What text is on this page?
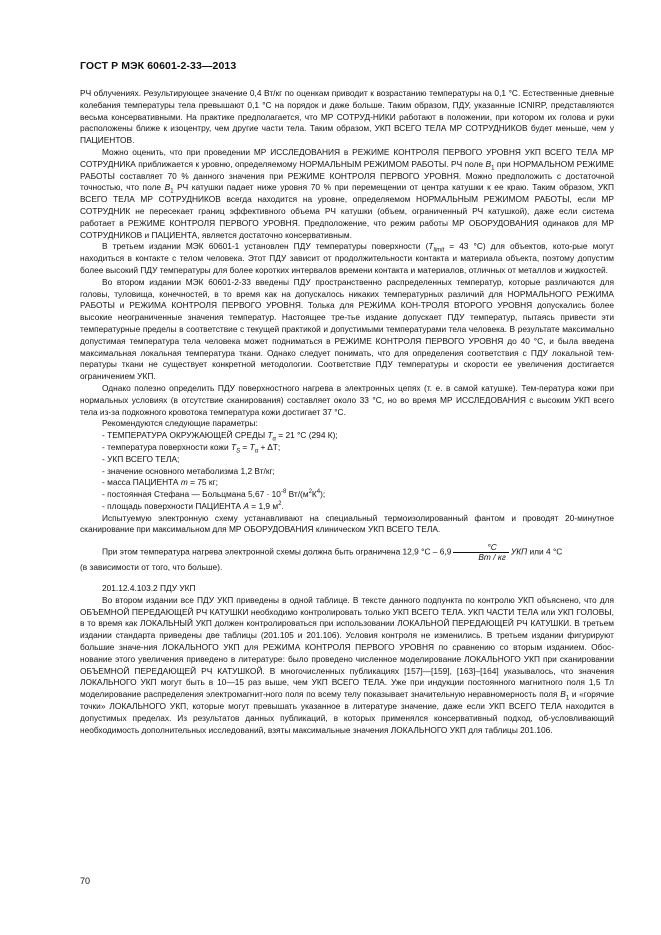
ГОСТ Р МЭК 60601-2-33—2013

РЧ облучениях. Результирующее значение 0,4 Вт/кг по оценкам приводит к возрастанию температуры на 0,1 °С. Естественные дневные колебания температуры тела превышают 0,1 °С на порядок и даже больше. Таким образом, ПДУ, указанные ICNIRP, представляются весьма консервативными. На практике предполагается, что МР СОТРУД-НИКИ работают в положении, при котором их голова и руки расположены ближе к изоцентру, чем другие части тела. Таким образом, УКП ВСЕГО ТЕЛА МР СОТРУДНИКОВ будет меньше, чем у ПАЦИЕНТОВ.

Можно оценить, что при проведении МР ИССЛЕДОВАНИЯ в РЕЖИМЕ КОНТРОЛЯ ПЕРВОГО УРОВНЯ УКП ВСЕГО ТЕЛА МР СОТРУДНИКА приближается к уровню, определяемому НОРМАЛЬНЫМ РЕЖИМОМ РАБОТЫ. РЧ поле $B_1$ при НОРМАЛЬНОМ РЕЖИМЕ РАБОТЫ составляет 70 % данного значения при РЕЖИМЕ КОНТРОЛЯ ПЕРВОГО УРОВНЯ. Можно предположить с достаточной точностью, что поле $B_1$ РЧ катушки падает ниже уровня 70 % при перемещении от центра катушки к ее краю. Таким образом, УКП ВСЕГО ТЕЛА МР СОТРУДНИКОВ всегда находится на уровне, определяемом НОРМАЛЬНЫМ РЕЖИМОМ РАБОТЫ, если МР СОТРУДНИК не пересекает границ эффективного объема РЧ катушки (объем, ограниченный РЧ катушкой), даже если система работает в РЕЖИМЕ КОНТРОЛЯ ПЕРВОГО УРОВНЯ. Предположение, что режим работы МР ОБОРУДОВАНИЯ одинаков для МР СОТРУДНИКОВ и ПАЦИЕНТА, является достаточно консервативным.

В третьем издании МЭК 60601-1 установлен ПДУ температуры поверхности ($T_{limit} = 43$ °С) для объектов, кото-рые могут находиться в контакте с телом человека. Этот ПДУ зависит от продолжительности контакта и материала объекта, поэтому допустим более высокий ПДУ температуры для более коротких интервалов времени контакта и материалов, отличных от металлов и жидкостей.

Во втором издании МЭК 60601-2-33 введены ПДУ пространственно распределенных температур, которые различаются для головы, туловища, конечностей, в то время как на допускалось никаких температурных различий для НОРМАЛЬНОГО РЕЖИМА РАБОТЫ и РЕЖИМА КОНТРОЛЯ ПЕРВОГО УРОВНЯ. Толька для РЕЖИМА КОН-ТРОЛЯ ВТОРОГО УРОВНЯ допускались более высокие неограниченные значения температур. Настоящее тре-тье издание допускает ПДУ температур, пытаясь привести эти температурные пределы в соответствие с текущей практикой и допустимыми температурами тела человека. В результате максимально допустимая температура тела человека может подниматься в РЕЖИМЕ КОНТРОЛЯ ПЕРВОГО УРОВНЯ до 40 °С, и была введена максимальная локальная температура ткани. Однако следует понимать, что для определения соответствия с ПДУ локальной тем-пературы ткани не существует конкретной методологии. Соответствие ПДУ температуры и скорости ее увеличения достигается ограничением УКП.

Однако полезно определить ПДУ поверхностного нагрева в электронных цепях (т. е. в самой катушке). Тем-пература кожи при нормальных условиях (в отсутствие сканирования) составляет около 33 °С, но во время МР ИССЛЕДОВАНИЯ с высоким УКП всего тела из-за подкожного кровотока температура кожи достигает 37 °С.

Рекомендуются следующие параметры:

- ТЕМПЕРАТУРА ОКРУЖАЮЩЕЙ СРЕДЫ $T_\alpha = 21$ °С (294 К);

- температура поверхности кожи $T_S = T_\alpha + \Delta Т$;

- УКП ВСЕГО ТЕЛА;

- значение основного метаболизма 1,2 Вт/кг;

- масса ПАЦИЕНТА m = 75 кг;

- постоянная Стефана — Больцмана $5,67 \cdot 10^{-8}$ $Вт/(м^2К^4)$;

- площадь поверхности ПАЦИЕНТА A = 1,9 $м^2$.

Испытуемую электронную схему устанавливают на специальный термоизолированный фантом и проводят 20-минутное сканирование при максимальном для МР ОБОРУДОВАНИЯ клиническом УКП ВСЕГО ТЕЛА.

При этом температура нагрева электронной схемы должна быть ограничена 12,9 $^\circ С - 6,9 \frac{^\circ С}{Вт / кг}$ УКП или 4 °С

(в зависимости от того, что больше).

201.12.4.103.2 ПДУ УКП

Во втором издании все ПДУ УКП приведены в одной таблице. В тексте данного подпункта по контролю УКП объяснено, что для ОБЪЕМНОЙ ПЕРЕДАЮЩЕЙ РЧ КАТУШКИ необходимо контролировать только УКП ВСЕГО ТЕЛА. УКП ЧАСТИ ТЕЛА или УКП ГОЛОВЫ, в то время как ЛОКАЛЬНЫЙ УКП должен контролироваться при использовании ЛОКАЛЬНОЙ ПЕРЕДАЮЩЕЙ РЧ КАТУШКИ. В третьем издании стандарта приведены две таблицы (201.105 и 201.106). Условия контроля не изменились. В третьем издании фигурируют большие значе-ния ЛОКАЛЬНОГО УКП для РЕЖИМА КОНТРОЛЯ ПЕРВОГО УРОВНЯ по сравнению со вторым изданием. Обос-нование этого увеличения приведено в литературе: было проведено численное моделирование ЛОКАЛЬНОГО УКП при сканировании ОБЪЕМНОЙ ПЕРЕДАЮЩЕЙ РЧ КАТУШКОЙ. В многочисленных публикациях [157]—[159], [163]–[164] указывалось, что значения ЛОКАЛЬНОГО УКП могут быть в 10—15 раз выше, чем УКП ВСЕГО ТЕЛА. Уже при индукции постоянного магнитного поля 1,5 Тл моделирование распределения электромагнит-ного поля по всему телу показывает значительную неравномерность поля $B_1$ и «горячие точки» ЛОКАЛЬНОГО УКП, которые могут превышать указанное в литературе значение, даже если УКП ВСЕГО ТЕЛА находится в допустимых пределах. Из результатов данных публикаций, в которых применялся консервативный подход, об-условливающий необходимость дополнительных исследований, взяты максимальные значения ЛОКАЛЬНОГО УКП для таблицы 201.106.

70
